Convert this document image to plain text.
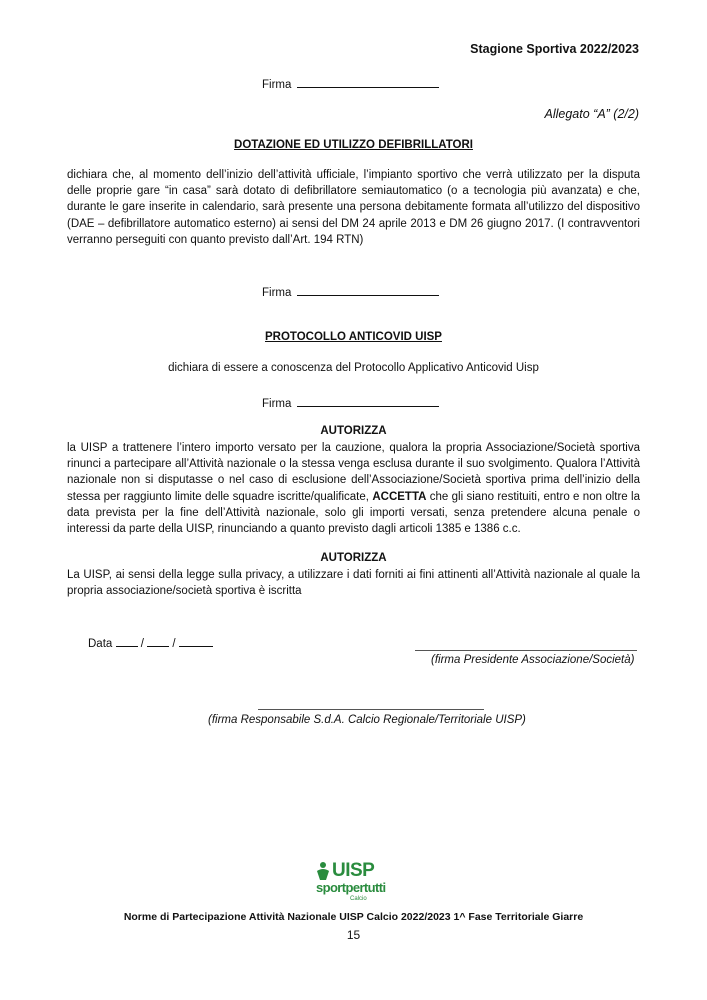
Stagione Sportiva 2022/2023
Firma
Allegato “A” (2/2)
DOTAZIONE ED UTILIZZO DEFIBRILLATORI
dichiara che, al momento dell’inizio dell’attività ufficiale, l’impianto sportivo che verrà utilizzato per la disputa delle proprie gare “in casa” sarà dotato di defibrillatore semiautomatico (o a tecnologia più avanzata) e che, durante le gare inserite in calendario, sarà presente una persona debitamente formata all’utilizzo del dispositivo (DAE – defibrillatore automatico esterno) ai sensi del DM 24 aprile 2013 e DM 26 giugno 2017. (I contravventori verranno perseguiti con quanto previsto dall’Art. 194 RTN)
Firma
PROTOCOLLO ANTICOVID UISP
dichiara di essere a conoscenza del Protocollo Applicativo Anticovid Uisp
Firma
AUTORIZZA
la UISP a trattenere l’intero importo versato per la cauzione, qualora la propria Associazione/Società sportiva rinunci a partecipare all’Attività nazionale o la stessa venga esclusa durante il suo svolgimento. Qualora l’Attività nazionale non si disputasse o nel caso di esclusione dell’Associazione/Società sportiva prima dell’inizio della stessa per raggiunto limite delle squadre iscritte/qualificate, ACCETTA che gli siano restituiti, entro e non oltre la data prevista per la fine dell’Attività nazionale, solo gli importi versati, senza pretendere alcuna penale o interessi da parte della UISP, rinunciando a quanto previsto dagli articoli 1385 e 1386 c.c.
AUTORIZZA
La UISP, ai sensi della legge sulla privacy, a utilizzare i dati forniti ai fini attinenti all’Attività nazionale al quale la propria associazione/società sportiva è iscritta
Data / /
(firma Presidente Associazione/Società)
(firma Responsabile S.d.A. Calcio Regionale/Territoriale UISP)
UISP
sportpertutti
Calcio
Norme di Partecipazione Attività Nazionale UISP Calcio 2022/2023 1^ Fase Territoriale Giarre
15
